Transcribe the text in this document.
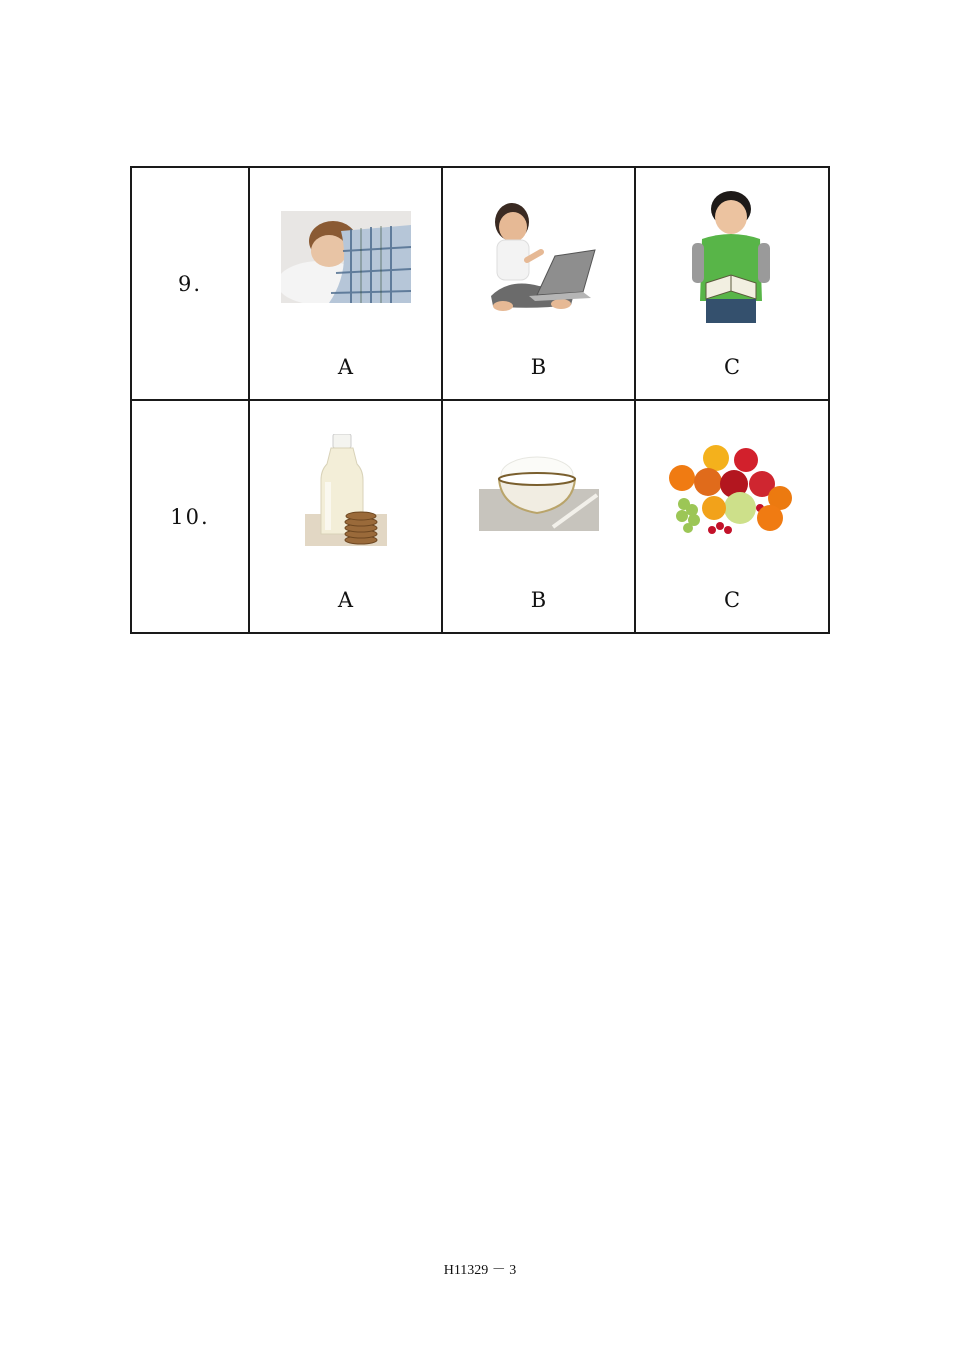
9.	A	B	C

10.	A	B	C
H11329 － 3
